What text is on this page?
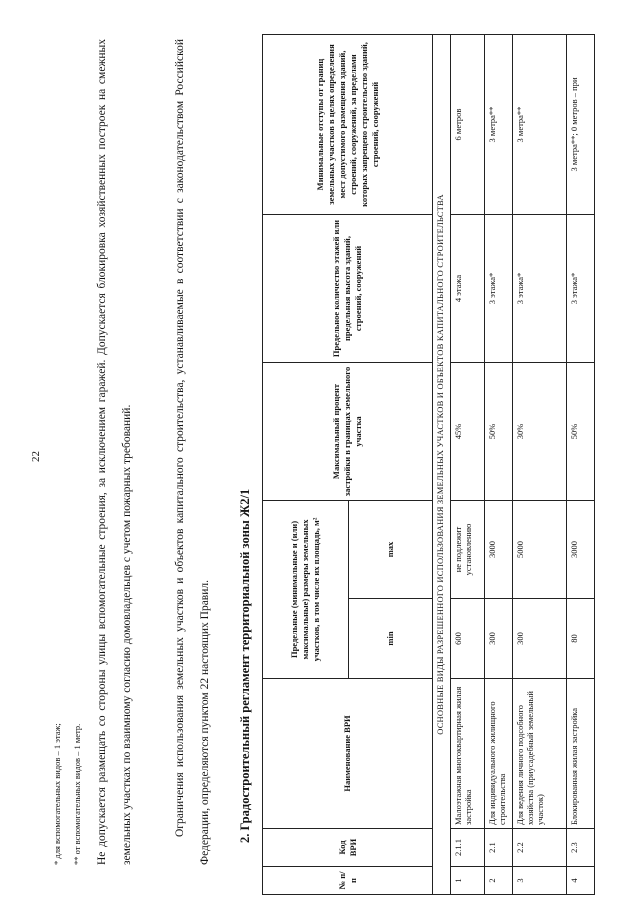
22
* для вспомогательных видов – 1 этаж; ** от вспомогательных видов – 1 метр.	Не допускается размещать со стороны улицы вспомогательные строения, за исключением гаражей. Допускается блокировка хозяйственных построек на смежных земельных участках по взаимному согласию домовладельцев с учетом пожарных требований.	Ограничения использования земельных участков и объектов капитального строительства, устанавливаемые в соответствии с законодательством Российской Федерации, определяются пунктом 22 настоящих Правил.	2. Градостроительный регламент территориальной зоны Ж2/1
№ п/п	Код ВРИ	Наименование ВРИ	Предельные (минимальные и (или) максимальные) размеры земельных участков, в том числе их площадь, м²		Максимальный процент застройки в границах земельного участка	Предельное количество этажей или предельная высота зданий, строений, сооружений	Минимальные отступы от границ земельных участков в целях определения мест допустимого размещения зданий, строений, сооружений, за пределами которых запрещено строительство зданий, строений, сооружений
			min	max			
ОСНОВНЫЕ ВИДЫ РАЗРЕШЕННОГО ИСПОЛЬЗОВАНИЯ ЗЕМЕЛЬНЫХ УЧАСТКОВ И ОБЪЕКТОВ КАПИТАЛЬНОГО СТРОИТЕЛЬСТВА							
1	2.1.1	Малоэтажная многоквартирная жилая застройка	600	не подлежит установлению	45%	4 этажа	6 метров
2	2.1	Для индивидуального жилищного строительства	300	3000	50%	3 этажа*	3 метра**
3	2.2	Для ведения личного подсобного хозяйства (приусадебный земельный участок)	300	5000	30%	3 этажа*	3 метра**
4	2.3	Блокированная жилая застройка	80	3000	50%	3 этажа*	3 метра**; 0 метров – при
